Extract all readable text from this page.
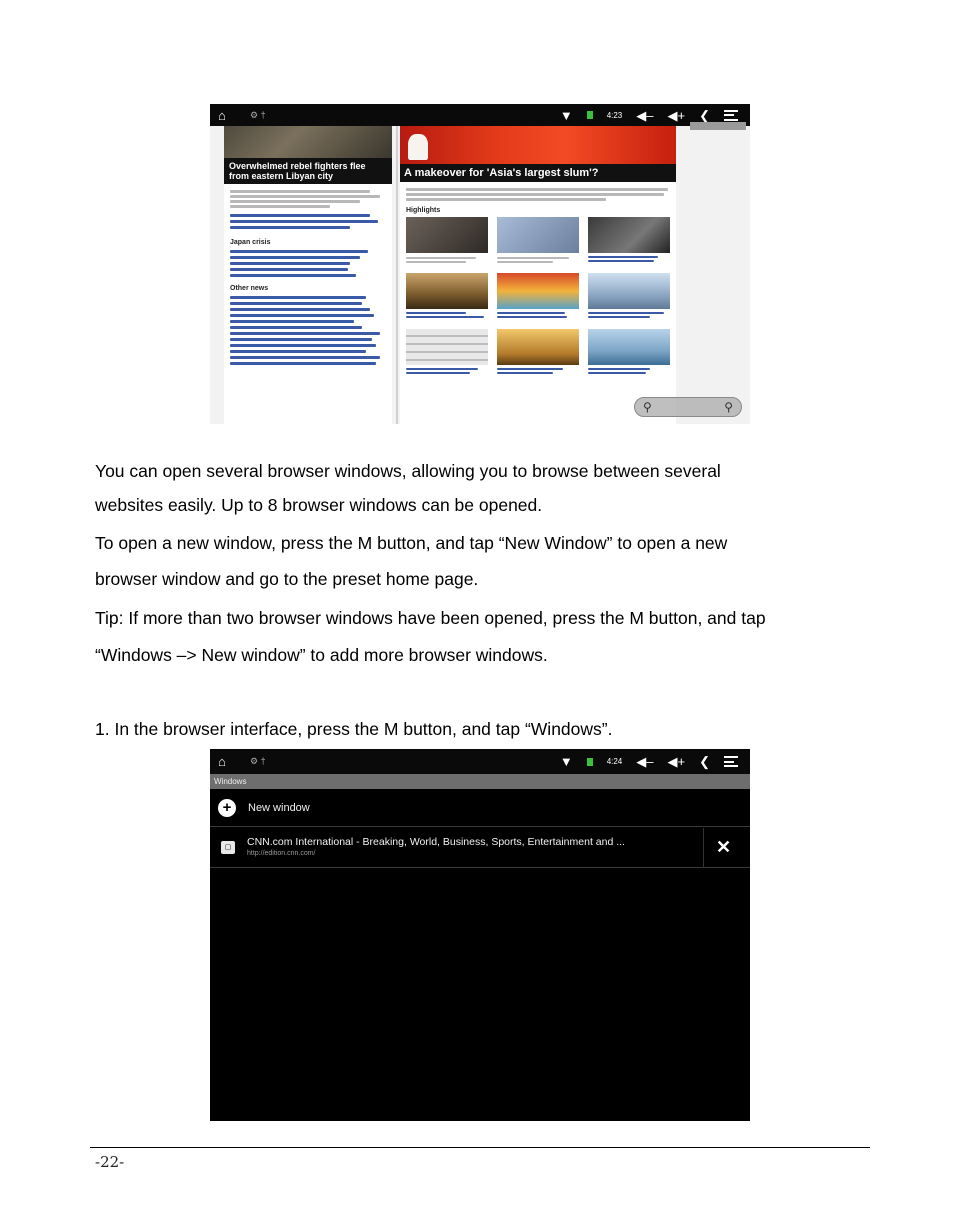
⌂	⚙ †	▼	4:23 ◀– ◀+ ❮
Overwhelmed rebel fighters flee from eastern Libyan city
Japan crisis
Other news
A makeover for 'Asia's largest slum'?
Highlights
⚲	⚲
You can open several browser windows, allowing you to browse between several
websites easily. Up to 8 browser windows can be opened.
To open a new window, press the M button, and tap “New Window” to open a new
browser window and go to the preset home page.
Tip: If more than two browser windows have been opened, press the M button, and tap
“Windows –> New window” to add more browser windows.
1. In the browser interface, press the M button, and tap “Windows”.
⌂	⚙ †	▼	4:24 ◀– ◀+ ❮
Windows
+	New window
▢	CNN.com International - Breaking, World, Business, Sports, Entertainment and ...
http://edition.cnn.com/	✕
-22-
